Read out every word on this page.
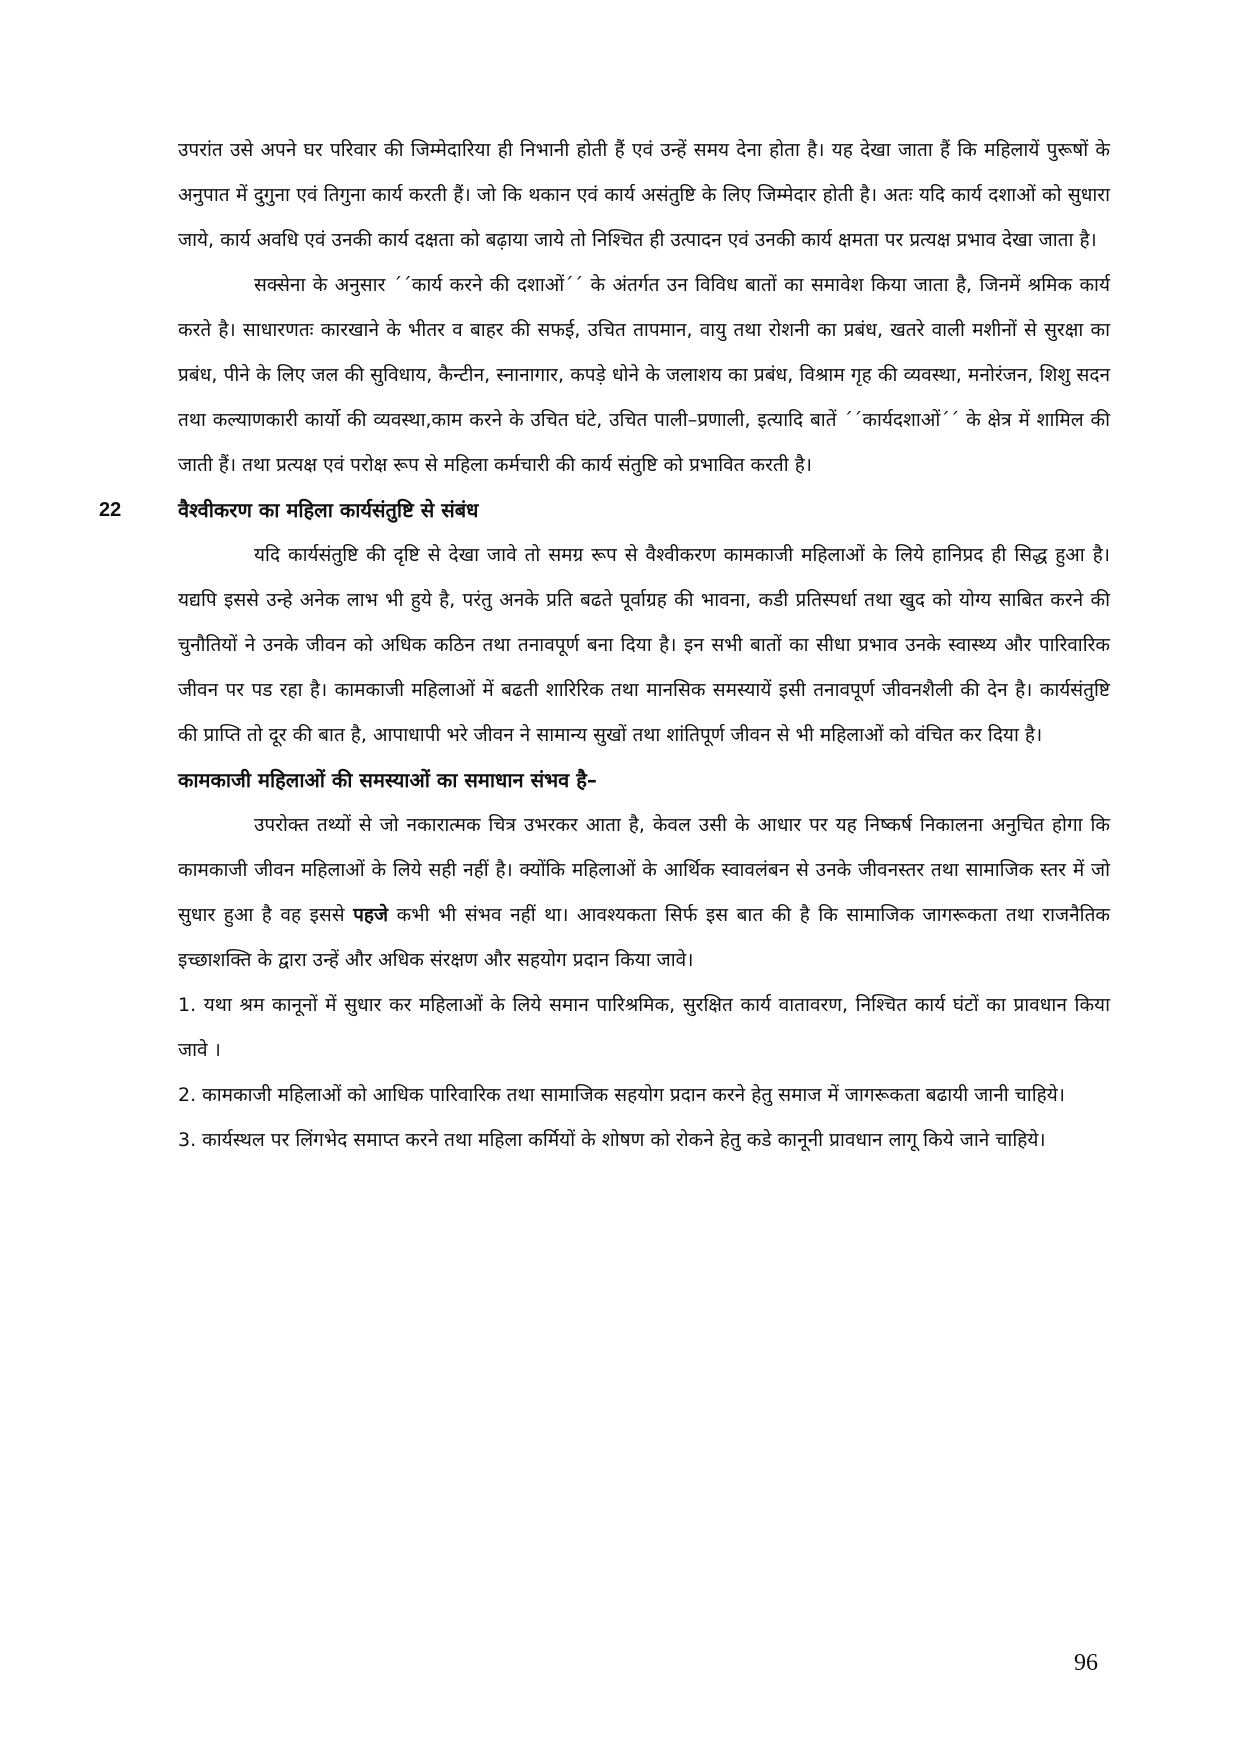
उपरांत उसे अपने घर परिवार की जिम्मेदारिया ही निभानी होती हैं एवं उन्हें समय देना होता है। यह देखा जाता हैं कि महिलायें पुरूषों के अनुपात में दुगुना एवं तिगुना कार्य करती हैं। जो कि थकान एवं कार्य असंतुष्टि के लिए जिम्मेदार होती है। अतः यदि कार्य दशाओं को सुधारा जाये, कार्य अवधि एवं उनकी कार्य दक्षता को बढ़ाया जाये तो निश्चित ही उत्पादन एवं उनकी कार्य क्षमता पर प्रत्यक्ष प्रभाव देखा जाता है।

सक्सेना के अनुसार ´´कार्य करने की दशाओं´´ के अंतर्गत उन विविध बातों का समावेश किया जाता है, जिनमें श्रमिक कार्य करते है। साधारणतः कारखाने के भीतर व बाहर की सफई, उचित तापमान, वायु तथा रोशनी का प्रबंध, खतरे वाली मशीनों से सुरक्षा का प्रबंध, पीने के लिए जल की सुविधाय, कैन्टीन, स्नानागार, कपड़े धोने के जलाशय का प्रबंध, विश्राम गृह की व्यवस्था, मनोरंजन, शिशु सदन तथा कल्याणकारी कार्यो की व्यवस्था,काम करने के उचित घंटे, उचित पाली–प्रणाली, इत्यादि बातें ´´कार्यदशाओं´´ के क्षेत्र में शामिल की जाती हैं। तथा प्रत्यक्ष एवं परोक्ष रूप से महिला कर्मचारी की कार्य संतुष्टि को प्रभावित करती है।

22	वैश्वीकरण का महिला कार्यसंतुष्टि से संबंध

यदि कार्यसंतुष्टि की दृष्टि से देखा जावे तो समग्र रूप से वैश्वीकरण कामकाजी महिलाओं के लिये हानिप्रद ही सिद्ध हुआ है। यद्यपि इससे उन्हे अनेक लाभ भी हुये है, परंतु अनके प्रति बढते पूर्वाग्रह की भावना, कडी प्रतिस्पर्धा तथा खुद को योग्य साबित करने की चुनौतियों ने उनके जीवन को अधिक कठिन तथा तनावपूर्ण बना दिया है। इन सभी बातों का सीधा प्रभाव उनके स्वास्थ्य और पारिवारिक जीवन पर पड रहा है। कामकाजी महिलाओं में बढती शारिरिक तथा मानसिक समस्यायें इसी तनावपूर्ण जीवनशैली की देन है। कार्यसंतुष्टि की प्राप्ति तो दूर की बात है, आपाधापी भरे जीवन ने सामान्य सुखों तथा शांतिपूर्ण जीवन से भी महिलाओं को वंचित कर दिया है।

कामकाजी महिलाओं की समस्याओं का समाधान संभव है–

उपरोक्त तथ्यों से जो नकारात्मक चित्र उभरकर आता है, केवल उसी के आधार पर यह निष्कर्ष निकालना अनुचित होगा कि कामकाजी जीवन महिलाओं के लिये सही नहीं है। क्योंकि महिलाओं के आर्थिक स्वावलंबन से उनके जीवनस्तर तथा सामाजिक स्तर में जो सुधार हुआ है वह इससे पहजे कभी भी संभव नहीं था। आवश्यकता सिर्फ इस बात की है कि सामाजिक जागरूकता तथा राजनैतिक इच्छाशक्ति के द्वारा उन्हें और अधिक संरक्षण और सहयोग प्रदान किया जावे।

1. यथा श्रम कानूनों में सुधार कर महिलाओं के लिये समान पारिश्रमिक, सुरक्षित कार्य वातावरण, निश्चित कार्य घंटों का प्रावधान किया जावे ।

2. कामकाजी महिलाओं को आधिक पारिवारिक तथा सामाजिक सहयोग प्रदान करने हेतु समाज में जागरूकता बढायी जानी चाहिये।

3. कार्यस्थल पर लिंगभेद समाप्त करने तथा महिला कर्मियों के शोषण को रोकने हेतु कडे कानूनी प्रावधान लागू किये जाने चाहिये।

96
